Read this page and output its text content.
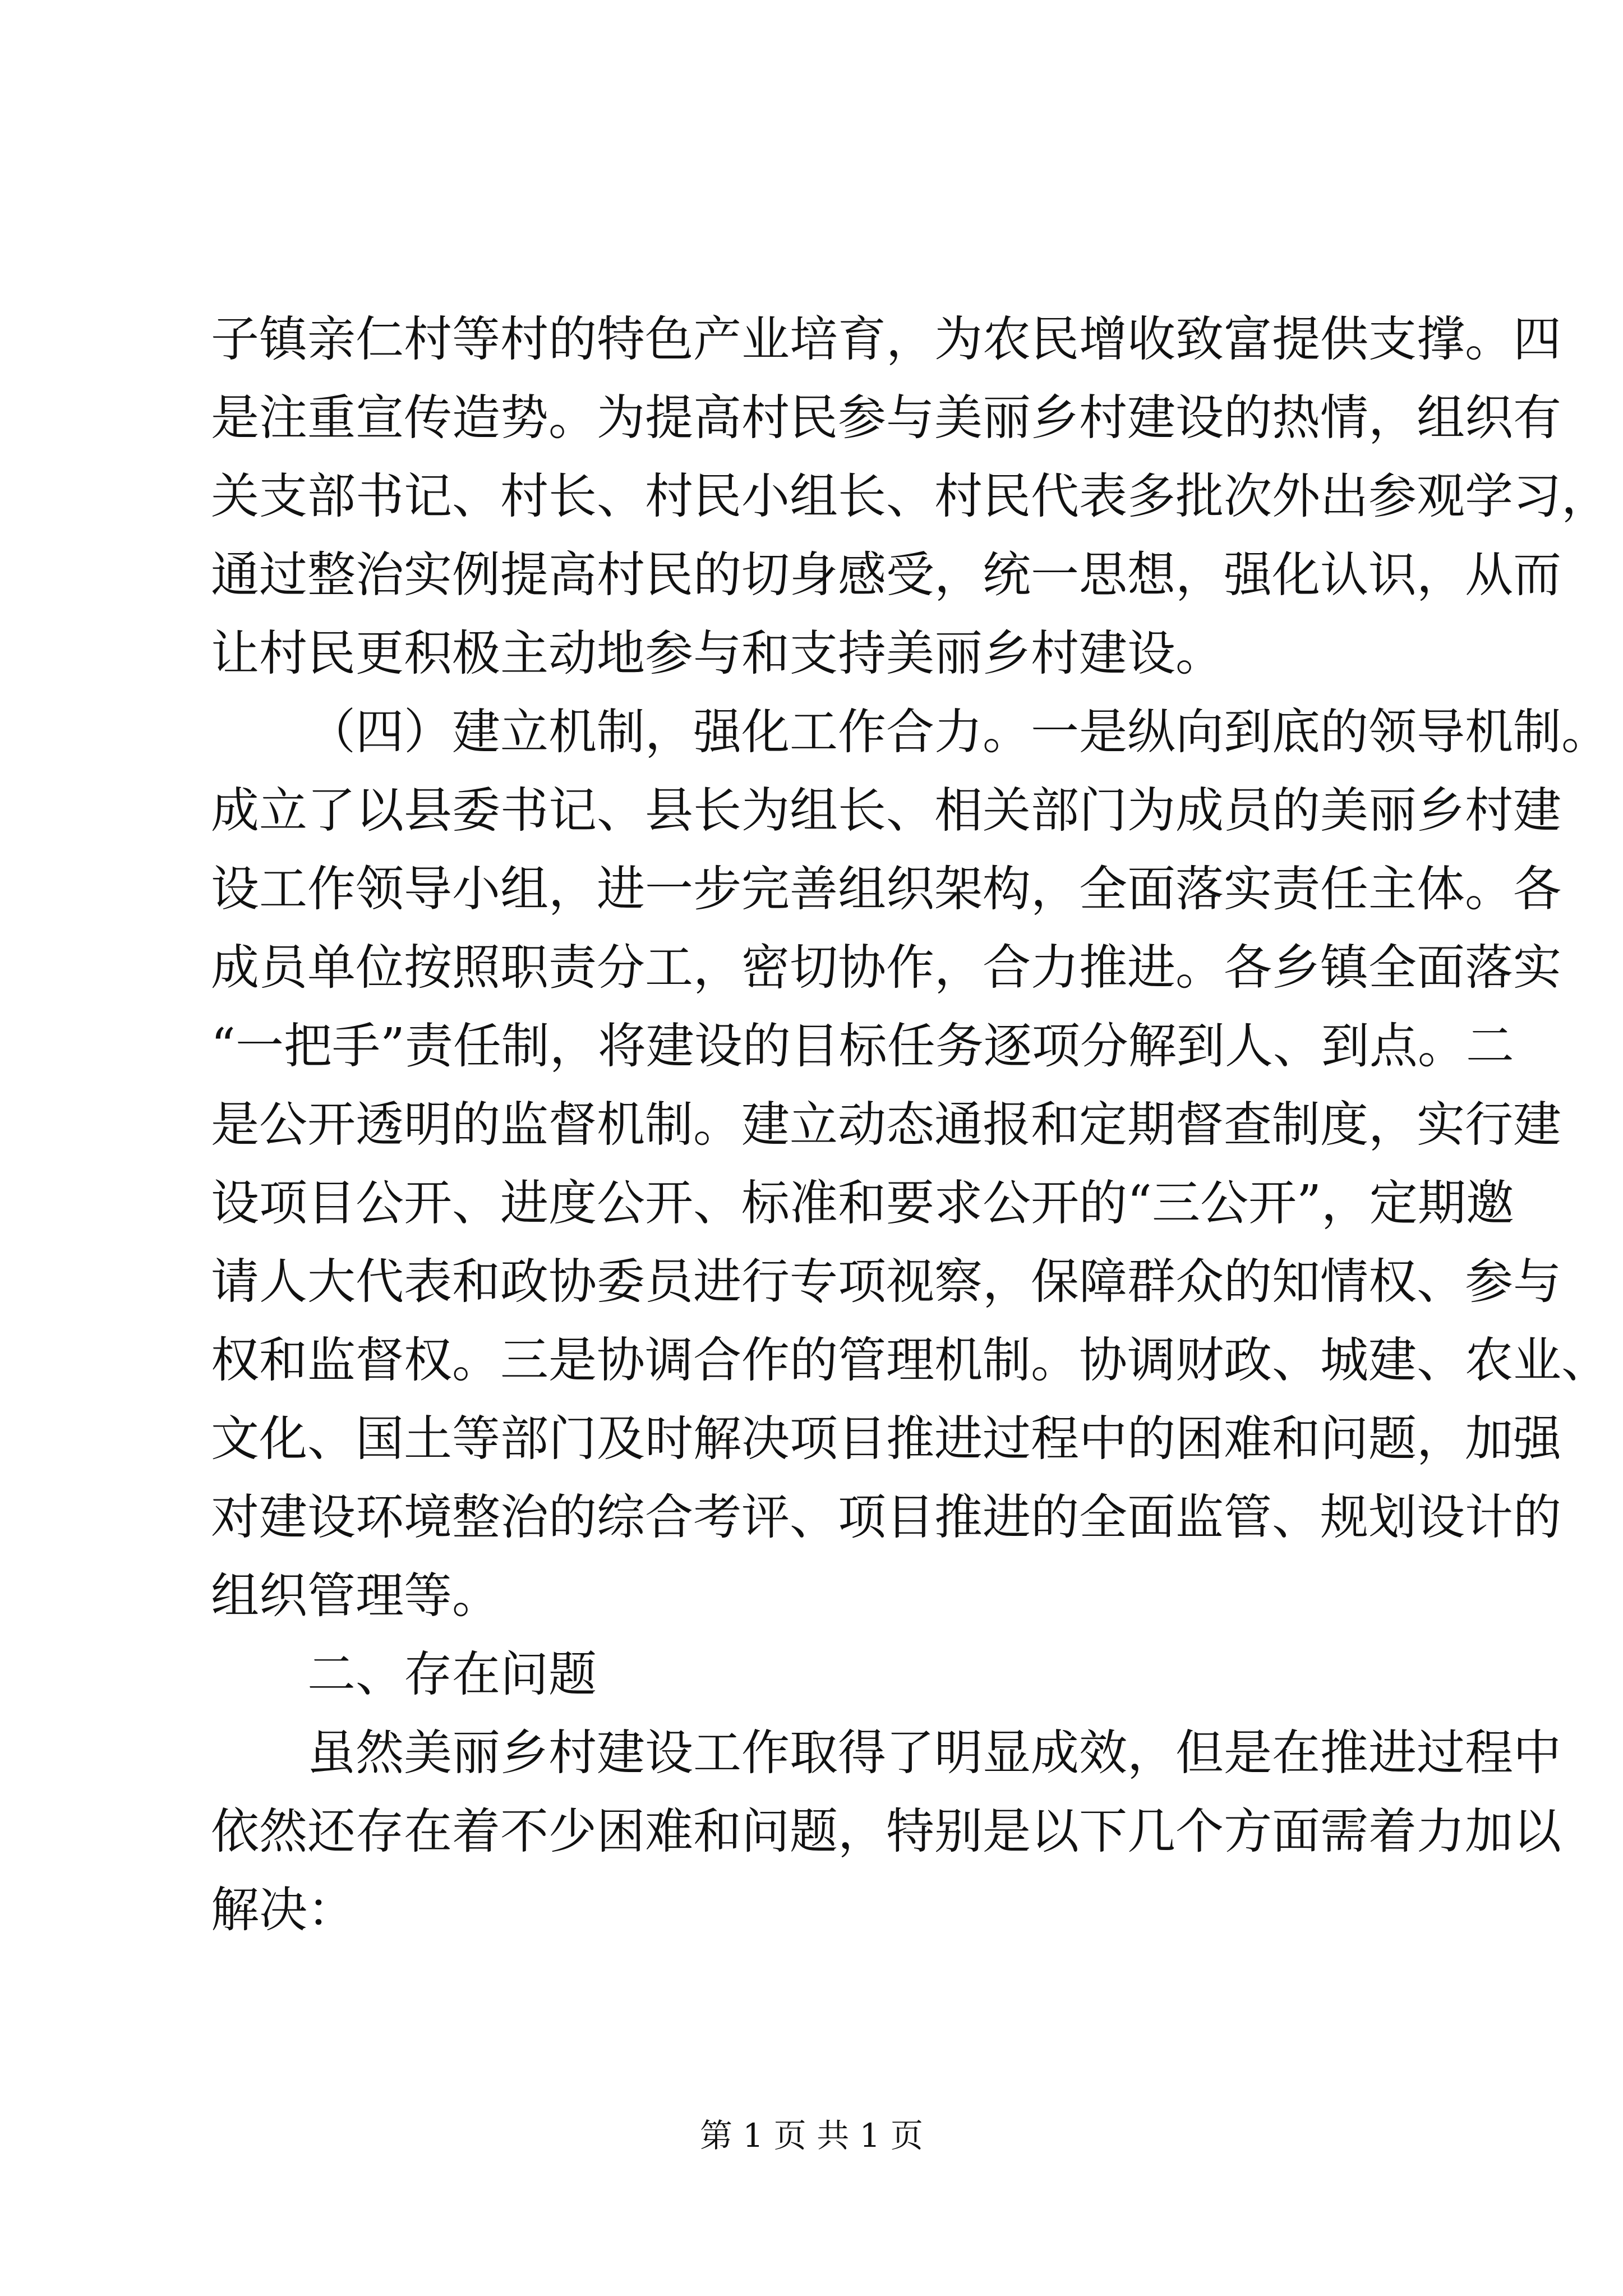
子镇亲仁村等村的特色产业培育，为农民增收致富提供支撑。四
是注重宣传造势。为提高村民参与美丽乡村建设的热情，组织有
关支部书记、村长、村民小组长、村民代表多批次外出参观学习，
通过整治实例提高村民的切身感受，统一思想，强化认识，从而
让村民更积极主动地参与和支持美丽乡村建设。
（四）建立机制，强化工作合力。一是纵向到底的领导机制。
成立了以县委书记、县长为组长、相关部门为成员的美丽乡村建
设工作领导小组，进一步完善组织架构，全面落实责任主体。各
成员单位按照职责分工，密切协作，合力推进。各乡镇全面落实
“一把手”责任制，将建设的目标任务逐项分解到人、到点。二
是公开透明的监督机制。建立动态通报和定期督查制度，实行建
设项目公开、进度公开、标准和要求公开的“三公开”，定期邀
请人大代表和政协委员进行专项视察，保障群众的知情权、参与
权和监督权。三是协调合作的管理机制。协调财政、城建、农业、
文化、国土等部门及时解决项目推进过程中的困难和问题，加强
对建设环境整治的综合考评、项目推进的全面监管、规划设计的
组织管理等。
二、存在问题
虽然美丽乡村建设工作取得了明显成效，但是在推进过程中
依然还存在着不少困难和问题，特别是以下几个方面需着力加以
解决：
第 1 页 共 1 页
